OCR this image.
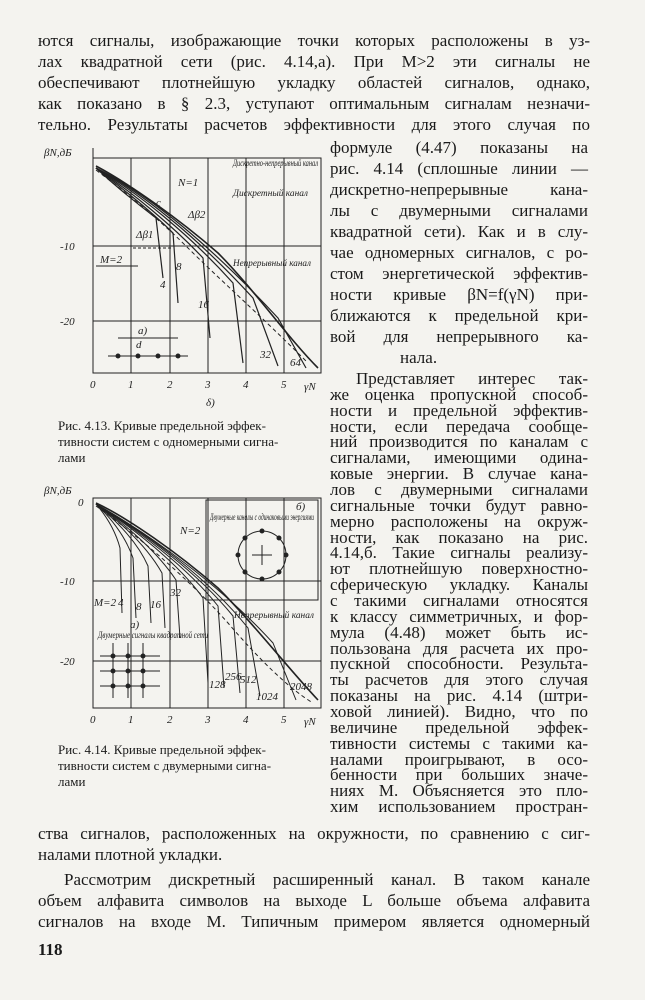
ются сигналы, изображающие точки которых расположены в уз-
лах квадратной сети (рис. 4.14,а). При M>2 эти сигналы не
обеспечивают плотнейшую укладку областей сигналов, однако,
как показано в § 2.3, уступают оптимальным сигналам незначи-
тельно. Результаты расчетов эффективности для этого случая по
формуле (4.47) показаны на
рис. 4.14 (сплошные линии —
дискретно-непрерывные кана-
лы с двумерными сигналами
квадратной сети). Как и в слу-
чае одномерных сигналов, с ро-
стом энергетической эффектив-
ности кривые βN=f(γN) при-
ближаются к предельной кри-
вой для непрерывного ка-
нала.
Представляет интерес так-
же оценка пропускной способ-
ности и предельной эффектив-
ности, если передача сообще-
ний производится по каналам с
сигналами, имеющими одина-
ковые энергии. В случае кана-
лов с двумерными сигналами
сигнальные точки будут равно-
мерно расположены на окруж-
ности, как показано на рис.
4.14,б. Такие сигналы реализу-
ют плотнейшую поверхностно-
сферическую укладку. Каналы
с такими сигналами относятся
к классу симметричных, и фор-
мула (4.48) может быть ис-
пользована для расчета их про-
пускной способности. Результа-
ты расчетов для этого случая
показаны на рис. 4.14 (штри-
ховой линией). Видно, что по
величине предельной эффек-
тивности системы с такими ка-
налами проигрывают, в осо-
бенности при больших значе-
ниях M. Объясняется это пло-
хим использованием простран-
βN,дБ
γN
-10
-20
0	1	2	3	4	5
Дискретно-непрерывный канал
Дискретный канал
Непрерывный канал
N=1
M=2
4
8
16
32
64
Δβ1
Δβ2
c
a)
d
δ)
Рис. 4.13. Кривые предельной эффек-
тивности систем с одномерными сигна-
лами
βN,дБ
γN
0
-10
-20
0	1	2	3	4	5
Двумерные каналы с одинаковыми энергиями
Непрерывный канал
Двумерные сигналы квадратной сети
N=2
M=2 4 8 16
32
128
256
512
1024
2048
a)
б)
Рис. 4.14. Кривые предельной эффек-
тивности систем с двумерными сигна-
лами
ства сигналов, расположенных на окружности, по сравнению с сиг-
налами плотной укладки.
Рассмотрим дискретный расширенный канал. В таком канале
объем алфавита символов на выходе L больше объема алфавита
сигналов на входе M. Типичным примером является одномерный
118
